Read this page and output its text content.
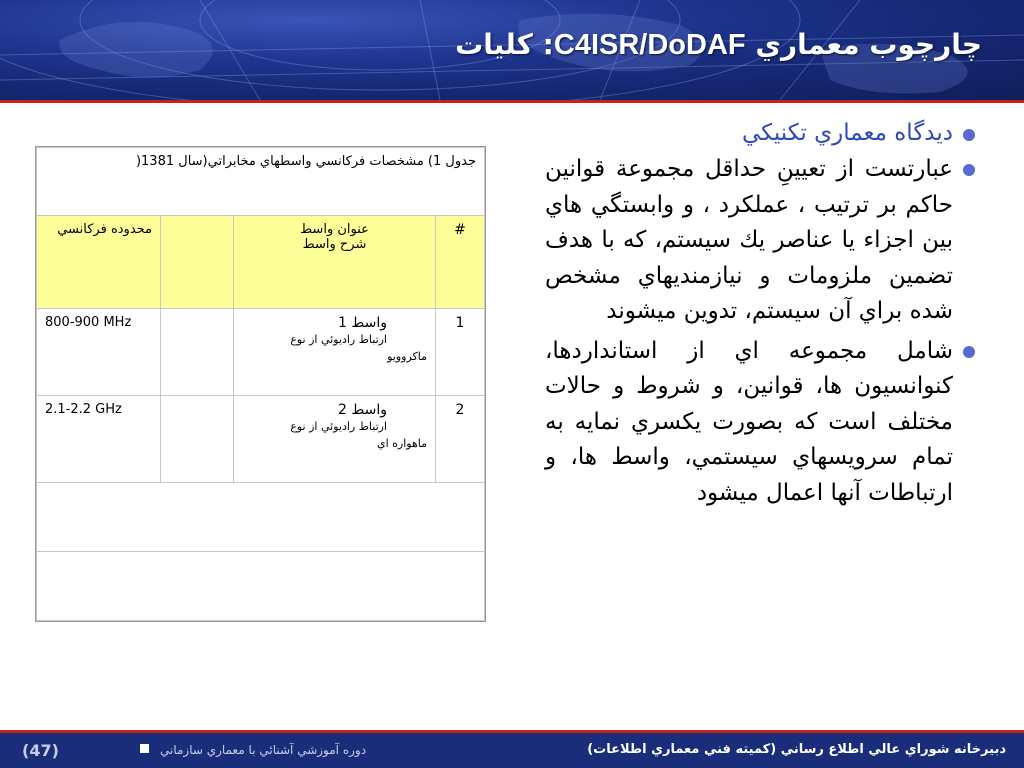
چارچوب معماري C4ISR/DoDAF: كليات
ديدگاه معماري تكنيكي
عبارتست از تعيينِ حداقل مجموعة قوانين حاكم بر ترتيب ، عملكرد ، و وابستگي هاي بين اجزاء يا عناصر يك سيستم، كه با هدف تضمين ملزومات و نيازمنديهاي مشخص شده براي آن سيستم، تدوين ميشوند
شامل مجموعه اي از استانداردها، كنوانسيون ها، قوانين، و شروط و حالات مختلف است كه بصورت يكسري نمايه به تمام سرويسهاي سيستمي، واسط ها، و ارتباطات آنها اعمال ميشود
جدول 1) مشخصات فركانسي واسطهاي مخابراتي(سال 1381(			
#	عنوان واسط
شرح واسط		محدوده فركانسي
1	واسط 1
ارتباط راديوئي از نوع
ماكروويو		800-900 MHz
2	واسط 2
ارتباط راديوئي از نوع
ماهواره اي		2.1-2.2 GHz

دبيرخانه شوراي عالي اطلاع رساني (كميته فني معماري اطلاعات)
دوره آموزشي آشنائي با معماري سازماني
(47)
